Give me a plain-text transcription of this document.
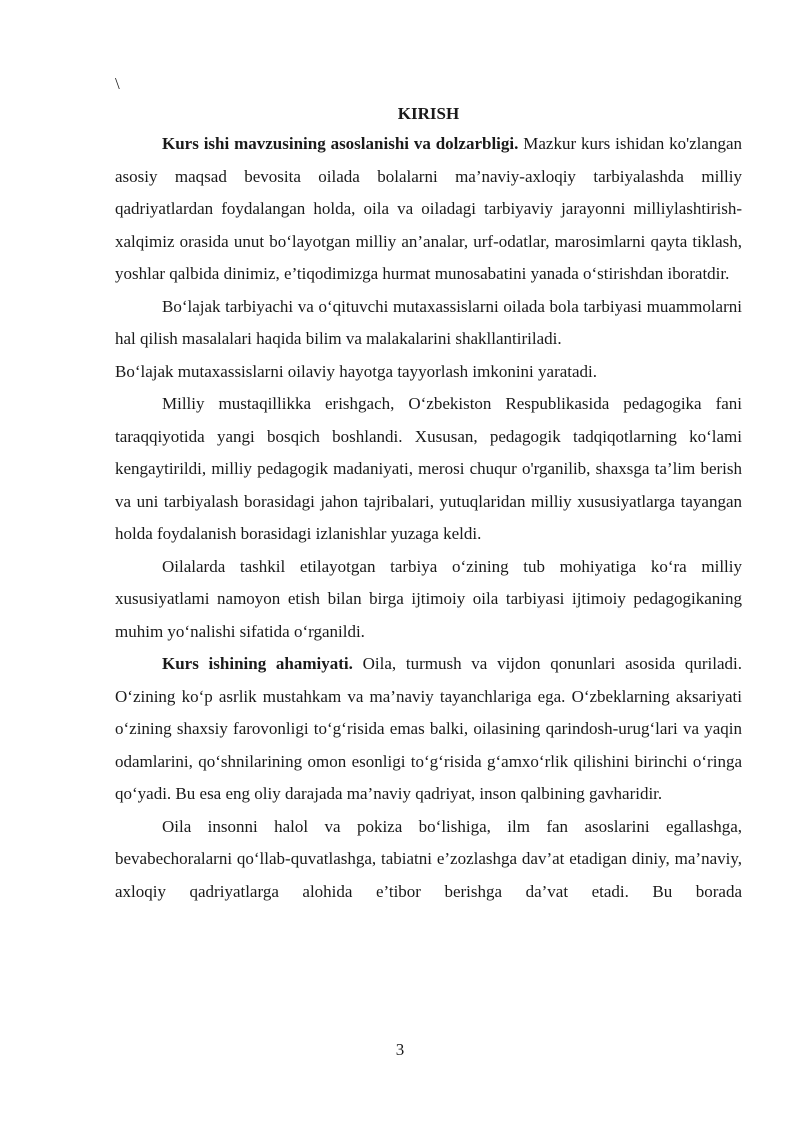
\
KIRISH

Kurs ishi mavzusining asoslanishi va dolzarbligi. Mazkur kurs ishidan ko'zlangan asosiy maqsad bevosita oilada bolalarni ma’naviy-axloqiy tarbiyalashda milliy qadriyatlardan foydalangan holda, oila va oiladagi tarbiyaviy jarayonni milliylashtirish-xalqimiz orasida unut bo‘layotgan milliy an’analar, urf-odatlar, marosimlarni qayta tiklash, yoshlar qalbida dinimiz, e’tiqodimizga hurmat munosabatini yanada o‘stirishdan iboratdir.

Bo‘lajak tarbiyachi va o‘qituvchi mutaxassislarni oilada bola tarbiyasi muammolarni hal qilish masalalari haqida bilim va malakalarini shakllantiriladi.

Bo‘lajak mutaxassislarni oilaviy hayotga tayyorlash imkonini yaratadi.

Milliy mustaqillikka erishgach, O‘zbekiston Respublikasida pedagogika fani taraqqiyotida yangi bosqich boshlandi. Xususan, pedagogik tadqiqotlarning ko‘lami kengaytirildi, milliy pedagogik madaniyati, merosi chuqur o'rganilib, shaxsga ta’lim berish va uni tarbiyalash borasidagi jahon tajribalari, yutuqlaridan milliy xususiyatlarga tayangan holda foydalanish borasidagi izlanishlar yuzaga keldi.

Oilalarda tashkil etilayotgan tarbiya o‘zining tub mohiyatiga ko‘ra milliy xususiyatlami namoyon etish bilan birga ijtimoiy oila tarbiyasi ijtimoiy pedagogikaning muhim yo‘nalishi sifatida o‘rganildi.

Kurs ishining ahamiyati. Oila, turmush va vijdon qonunlari asosida quriladi. O‘zining ko‘p asrlik mustahkam va ma’naviy tayanchlariga ega. O‘zbeklarning aksariyati o‘zining shaxsiy farovonligi to‘g‘risida emas balki, oilasining qarindosh-urug‘lari va yaqin odamlarini, qo‘shnilarining omon esonligi to‘g‘risida g‘amxo‘rlik qilishini birinchi o‘ringa qo‘yadi. Bu esa eng oliy darajada ma’naviy qadriyat, inson qalbining gavharidir.

Oila insonni halol va pokiza bo‘lishiga, ilm fan asoslarini egallashga, bevabechoralarni qo‘llab-quvatlashga, tabiatni e’zozlashga dav’at etadigan diniy, ma’naviy, axloqiy qadriyatlarga alohida e’tibor berishga da’vat etadi. Bu borada

3
